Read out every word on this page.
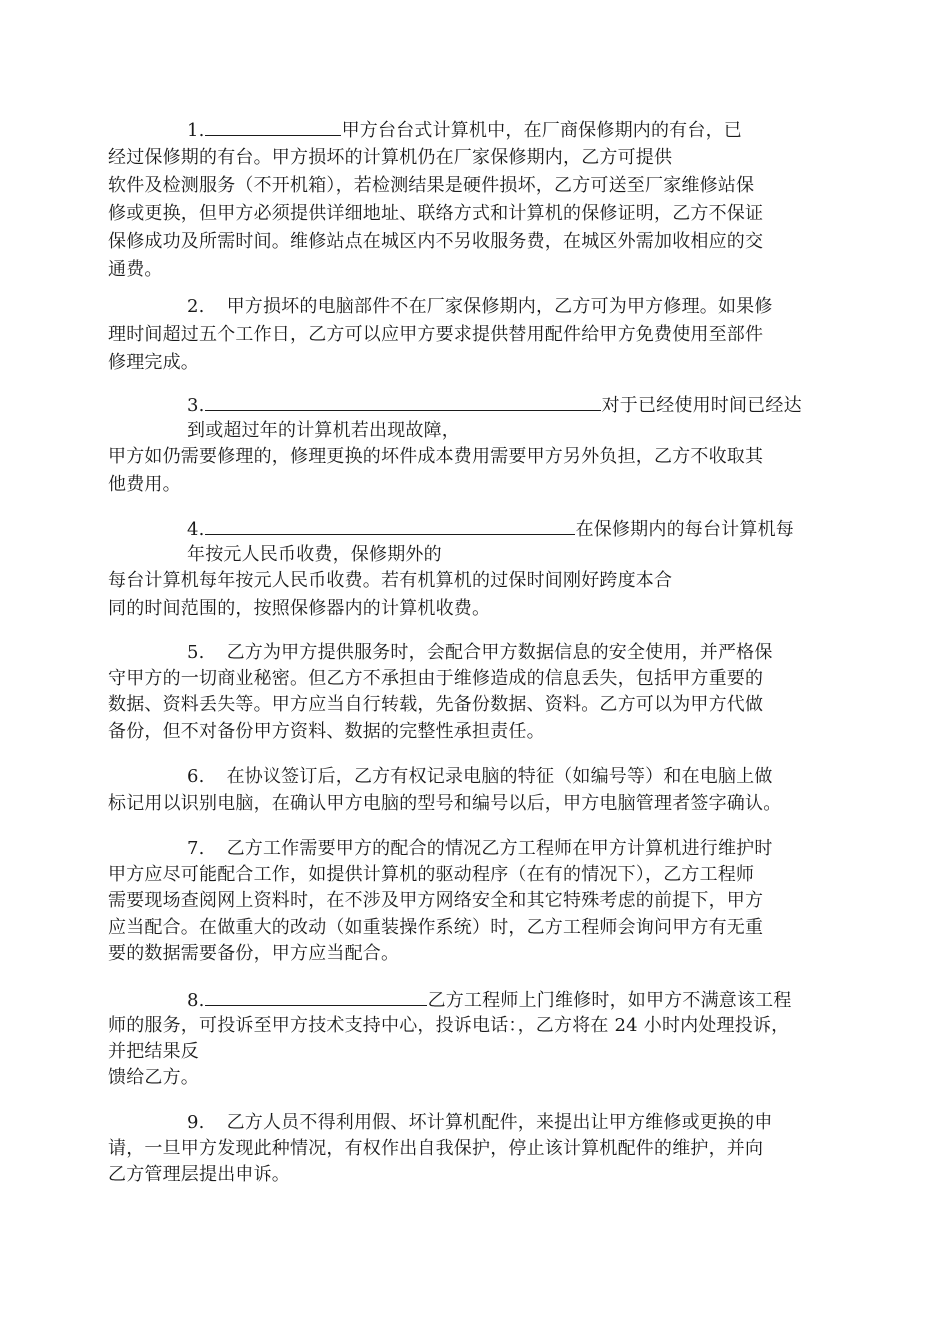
1.	甲方台台式计算机中，在厂商保修期内的有台，已
经过保修期的有台。甲方损坏的计算机仍在厂家保修期内，乙方可提供
软件及检测服务（不开机箱），若检测结果是硬件损坏，乙方可送至厂家维修站保
修或更换，但甲方必须提供详细地址、联络方式和计算机的保修证明，乙方不保证
保修成功及所需时间。维修站点在城区内不另收服务费，在城区外需加收相应的交
通费。
2. 甲方损坏的电脑部件不在厂家保修期内，乙方可为甲方修理。如果修
理时间超过五个工作日，乙方可以应甲方要求提供替用配件给甲方免费使用至部件
修理完成。
3.	对于已经使用时间已经达
到或超过年的计算机若出现故障，
甲方如仍需要修理的，修理更换的坏件成本费用需要甲方另外负担，乙方不收取其
他费用。
4.	在保修期内的每台计算机每
年按元人民币收费，保修期外的
每台计算机每年按元人民币收费。若有机算机的过保时间刚好跨度本合
同的时间范围的，按照保修器内的计算机收费。
5. 乙方为甲方提供服务时，会配合甲方数据信息的安全使用，并严格保
守甲方的一切商业秘密。但乙方不承担由于维修造成的信息丢失，包括甲方重要的
数据、资料丢失等。甲方应当自行转载，先备份数据、资料。乙方可以为甲方代做
备份，但不对备份甲方资料、数据的完整性承担责任。
6. 在协议签订后，乙方有权记录电脑的特征（如编号等）和在电脑上做
标记用以识别电脑，在确认甲方电脑的型号和编号以后，甲方电脑管理者签字确认。
7. 乙方工作需要甲方的配合的情况乙方工程师在甲方计算机进行维护时
甲方应尽可能配合工作，如提供计算机的驱动程序（在有的情况下），乙方工程师
需要现场查阅网上资料时，在不涉及甲方网络安全和其它特殊考虑的前提下，甲方
应当配合。在做重大的改动（如重装操作系统）时，乙方工程师会询问甲方有无重
要的数据需要备份，甲方应当配合。
8.	乙方工程师上门维修时，如甲方不满意该工程
师的服务，可投诉至甲方技术支持中心，投诉电话：，乙方将在 24 小时内处理投诉，
并把结果反
馈给乙方。
9. 乙方人员不得利用假、坏计算机配件，来提出让甲方维修或更换的申
请，一旦甲方发现此种情况，有权作出自我保护，停止该计算机配件的维护，并向
乙方管理层提出申诉。
